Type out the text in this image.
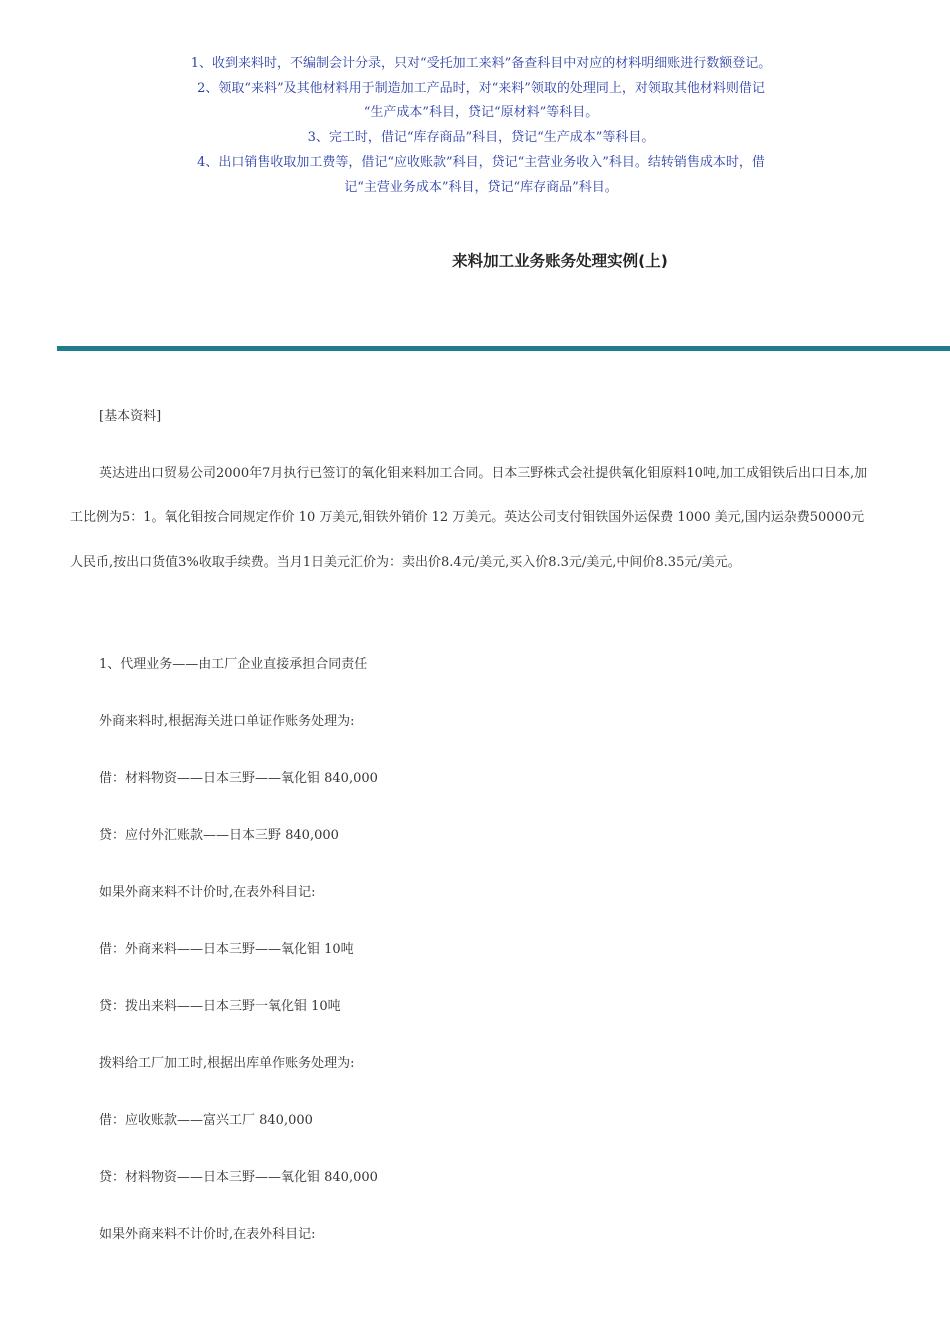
1、收到来料时，不编制会计分录，只对“受托加工来料”备查科目中对应的材料明细账进行数额登记。

2、领取“来料”及其他材料用于制造加工产品时，对“来料”领取的处理同上，对领取其他材料则借记

“生产成本”科目，贷记“原材料”等科目。

3、完工时，借记“库存商品”科目，贷记“生产成本”等科目。

4、出口销售收取加工费等，借记“应收账款”科目，贷记“主营业务收入”科目。结转销售成本时，借

记“主营业务成本”科目，贷记“库存商品”科目。

来料加工业务账务处理实例(上)

[基本资料]

英达进出口贸易公司2000年7月执行已签订的氧化钼来料加工合同。日本三野株式会社提供氧化钼原料10吨,加工成钼铁后出口日本,加工比例为5：1。氧化钼按合同规定作价 10 万美元,钼铁外销价 12 万美元。英达公司支付钼铁国外运保费 1000 美元,国内运杂费50000元人民币,按出口货值3%收取手续费。当月1日美元汇价为：卖出价8.4元/美元,买入价8.3元/美元,中间价8.35元/美元。

1、代理业务——由工厂企业直接承担合同责任

外商来料时,根据海关进口单证作账务处理为:

借：材料物资——日本三野——氧化钼 840,000

贷：应付外汇账款——日本三野 840,000

如果外商来料不计价时,在表外科目记:

借：外商来料——日本三野——氧化钼 10吨

贷：拨出来料——日本三野一氧化钼 10吨

拨料给工厂加工时,根据出库单作账务处理为:

借：应收账款——富兴工厂 840,000

贷：材料物资——日本三野——氧化钼 840,000

如果外商来料不计价时,在表外科目记:
